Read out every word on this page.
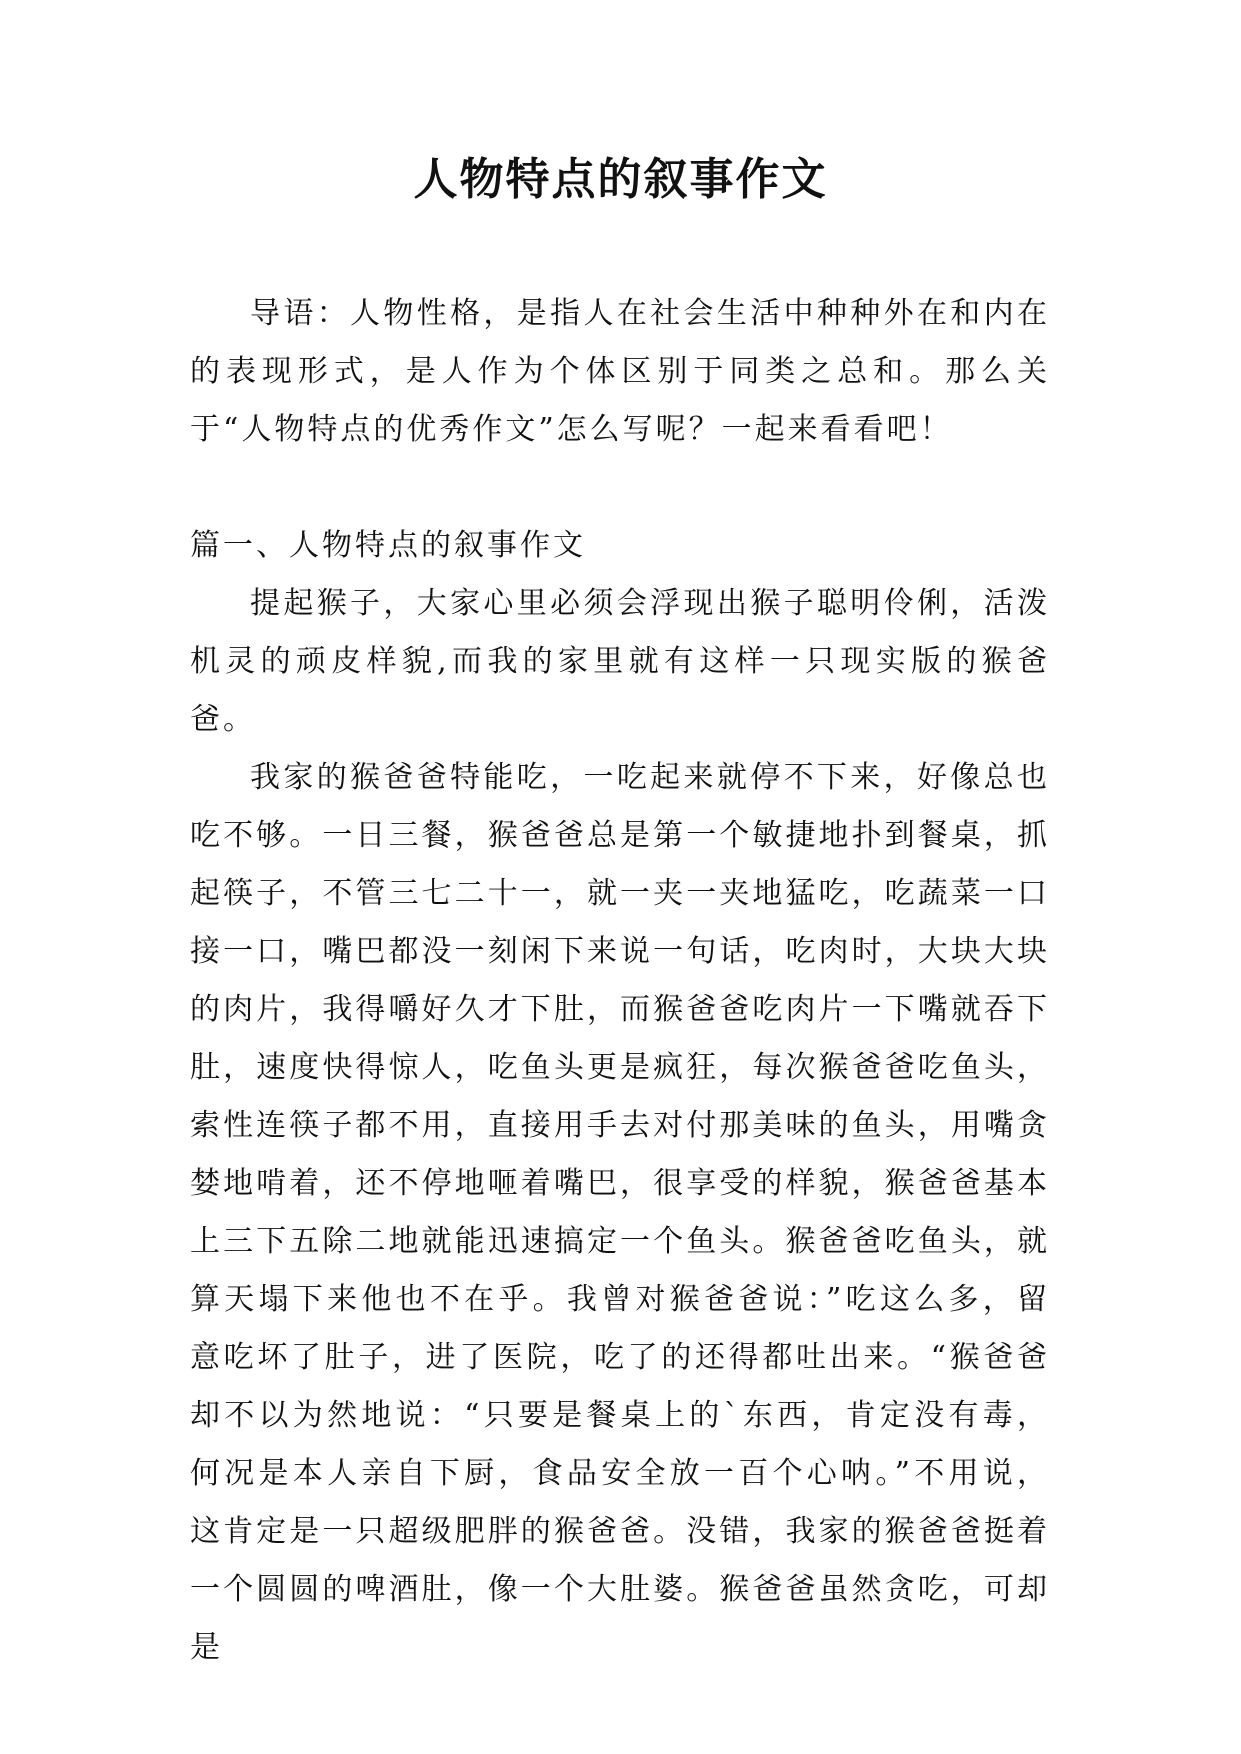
人物特点的叙事作文

导语：人物性格，是指人在社会生活中种种外在和内在的表现形式，是人作为个体区别于同类之总和。那么关于“人物特点的优秀作文”怎么写呢？一起来看看吧！

篇一、人物特点的叙事作文

提起猴子，大家心里必须会浮现出猴子聪明伶俐，活泼机灵的顽皮样貌,而我的家里就有这样一只现实版的猴爸爸。

我家的猴爸爸特能吃，一吃起来就停不下来，好像总也吃不够。一日三餐，猴爸爸总是第一个敏捷地扑到餐桌，抓起筷子，不管三七二十一，就一夹一夹地猛吃，吃蔬菜一口接一口，嘴巴都没一刻闲下来说一句话，吃肉时，大块大块的肉片，我得嚼好久才下肚，而猴爸爸吃肉片一下嘴就吞下肚，速度快得惊人，吃鱼头更是疯狂，每次猴爸爸吃鱼头，索性连筷子都不用，直接用手去对付那美味的鱼头，用嘴贪婪地啃着，还不停地咂着嘴巴，很享受的样貌，猴爸爸基本上三下五除二地就能迅速搞定一个鱼头。猴爸爸吃鱼头，就算天塌下来他也不在乎。我曾对猴爸爸说：”吃这么多，留意吃坏了肚子，进了医院，吃了的还得都吐出来。“猴爸爸却不以为然地说：“只要是餐桌上的`东西，肯定没有毒，何况是本人亲自下厨，食品安全放一百个心呐。”不用说，这肯定是一只超级肥胖的猴爸爸。没错，我家的猴爸爸挺着一个圆圆的啤酒肚，像一个大肚婆。猴爸爸虽然贪吃，可却是
